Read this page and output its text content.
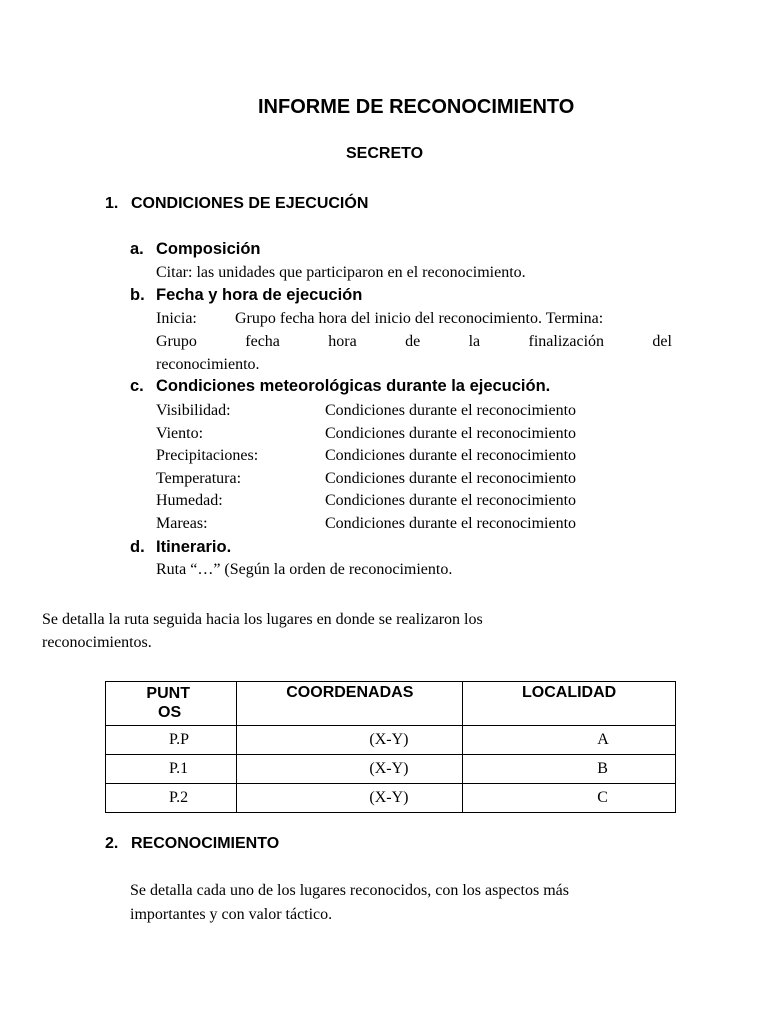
INFORME DE RECONOCIMIENTO
SECRETO
1. CONDICIONES DE EJECUCIÓN
a. Composición
Citar: las unidades que participaron en el reconocimiento.
b. Fecha y hora de ejecución
Inicia: Grupo fecha hora del inicio del reconocimiento. Termina:
Grupo	fecha	hora	de	la	finalización	del
reconocimiento.
c. Condiciones meteorológicas durante la ejecución.
Visibilidad:	Condiciones durante el reconocimiento
Viento:	Condiciones durante el reconocimiento
Precipitaciones:	Condiciones durante el reconocimiento
Temperatura:	Condiciones durante el reconocimiento
Humedad:	Condiciones durante el reconocimiento
Mareas:	Condiciones durante el reconocimiento
d. Itinerario.
Ruta “…” (Según la orden de reconocimiento.
Se detalla la ruta seguida hacia los lugares en donde se realizaron los
reconocimientos.
PUNT
OS	COORDENADAS	LOCALIDAD
P.P	(X-Y)	A
P.1	(X-Y)	B
P.2	(X-Y)	C
2. RECONOCIMIENTO
Se detalla cada uno de los lugares reconocidos, con los aspectos más
importantes y con valor táctico.
